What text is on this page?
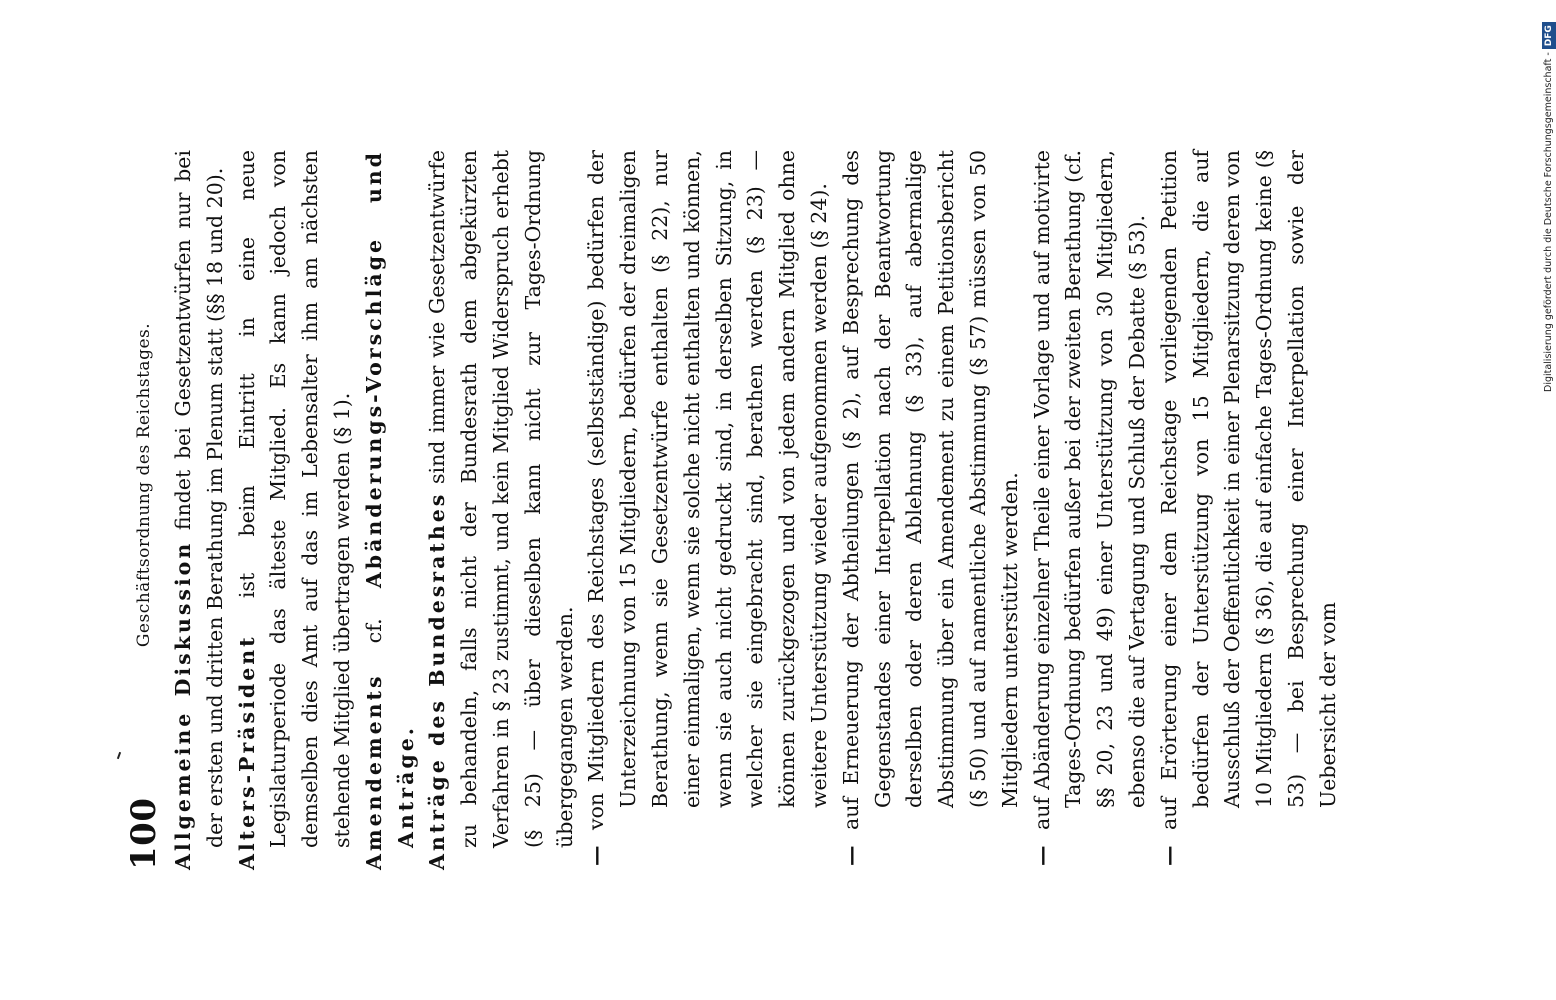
100
Geschäftsordnung des Reichstages.

Allgemeine Diskussion findet bei Gesetzentwürfen nur bei der ersten und dritten Berathung im Plenum statt (§§ 18 und 20). Alters-Präsident ist beim Eintritt in eine neue Legislaturperiode das älteste Mitglied. Es kann jedoch von demselben dies Amt auf das im Lebensalter ihm am nächsten stehende Mitglied übertragen werden (§ 1). Amendements cf. Abänderungs-Vorschläge und Anträge. Anträge des Bundesrathes sind immer wie Gesetzentwürfe zu behandeln, falls nicht der Bundesrath dem abgekürzten Verfahren in § 23 zustimmt, und kein Mitglied Widerspruch erhebt (§ 25) — über dieselben kann nicht zur Tages-Ordnung übergegangen werden.

—
von Mitgliedern des Reichstages (selbstständige) bedürfen der Unterzeichnung von 15 Mitgliedern, bedürfen der dreimaligen Berathung, wenn sie Gesetzentwürfe enthalten (§ 22), nur einer einmaligen, wenn sie solche nicht enthalten und können, wenn sie auch nicht gedruckt sind, in derselben Sitzung, in welcher sie eingebracht sind, berathen werden (§ 23) — können zurückgezogen und von jedem andern Mitglied ohne weitere Unterstützung wieder aufgenommen werden (§ 24).

—
auf Erneuerung der Abtheilungen (§ 2), auf Besprechung des Gegenstandes einer Interpellation nach der Beantwortung derselben oder deren Ablehnung (§ 33), auf abermalige Abstimmung über ein Amendement zu einem Petitionsbericht (§ 50) und auf namentliche Abstimmung (§ 57) müssen von 50 Mitgliedern unterstützt werden.

—
auf Abänderung einzelner Theile einer Vorlage und auf motivirte Tages-Ordnung bedürfen außer bei der zweiten Berathung (cf. §§ 20, 23 und 49) einer Unterstützung von 30 Mitgliedern, ebenso die auf Vertagung und Schluß der Debatte (§ 53).

—
auf Erörterung einer dem Reichstage vorliegenden Petition bedürfen der Unterstützung von 15 Mitgliedern, die auf Ausschluß der Oeffentlichkeit in einer Plenarsitzung deren von 10 Mitgliedern (§ 36), die auf einfache Tages-Ordnung keine (§ 53) — bei Besprechung einer Interpellation sowie der Uebersicht der vom

Digitalisierung gefördert durch die Deutsche Forschungsgemeinschaft -DFG
